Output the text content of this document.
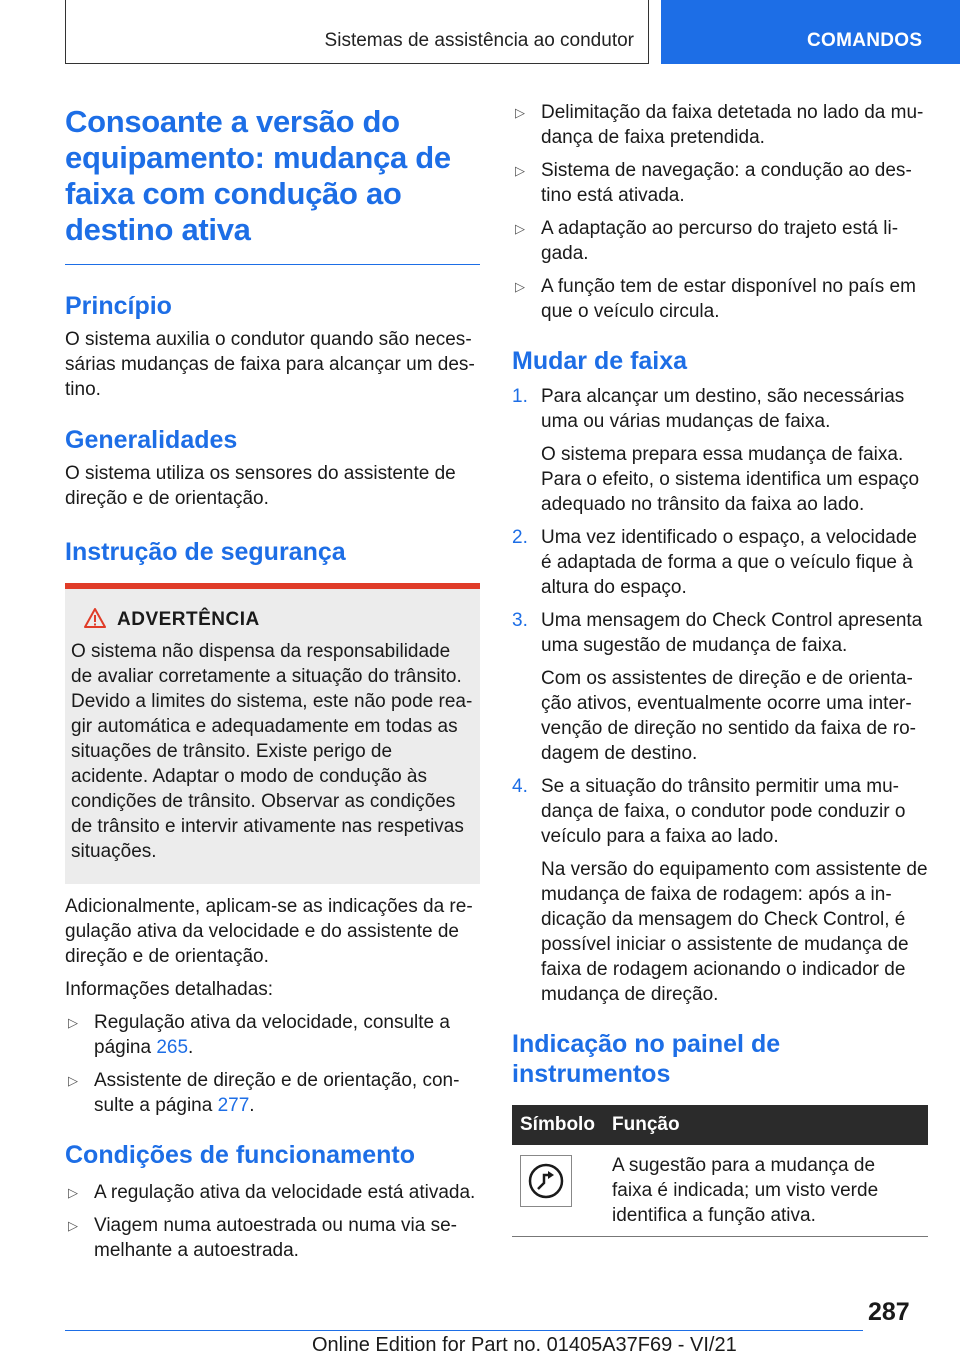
Sistemas de assistência ao condutor	COMANDOS
Consoante a versão do equipamento: mudança de faixa com condução ao destino ativa
Princípio

O sistema auxilia o condutor quando são necessárias mudanças de faixa para alcançar um destino.

Generalidades

O sistema utiliza os sensores do assistente de direção e de orientação.

Instrução de segurança
ADVERTÊNCIA

O sistema não dispensa da responsabilidade de avaliar corretamente a situação do trânsito. Devido a limites do sistema, este não pode reagir automática e adequadamente em todas as situações de trânsito. Existe perigo de acidente. Adaptar o modo de condução às condições de trânsito. Observar as condições de trânsito e intervir ativamente nas respetivas situações.

Adicionalmente, aplicam-se as indicações da regulação ativa da velocidade e do assistente de direção e de orientação.

Informações detalhadas:

▷ Regulação ativa da velocidade, consulte a página 265.
▷ Assistente de direção e de orientação, consulte a página 277.
Condições de funcionamento
▷ A regulação ativa da velocidade está ativada.
▷ Viagem numa autoestrada ou numa via semelhante a autoestrada.
▷ Delimitação da faixa detetada no lado da mudança de faixa pretendida.
▷ Sistema de navegação: a condução ao destino está ativada.
▷ A adaptação ao percurso do trajeto está ligada.
▷ A função tem de estar disponível no país em que o veículo circula.
Mudar de faixa
1. Para alcançar um destino, são necessárias uma ou várias mudanças de faixa.

O sistema prepara essa mudança de faixa. Para o efeito, o sistema identifica um espaço adequado no trânsito da faixa ao lado.

2. Uma vez identificado o espaço, a velocidade é adaptada de forma a que o veículo fique à altura do espaço.

3. Uma mensagem do Check Control apresenta uma sugestão de mudança de faixa.

Com os assistentes de direção e de orientação ativos, eventualmente ocorre uma intervenção de direção no sentido da faixa de rodagem de destino.

4. Se a situação do trânsito permitir uma mudança de faixa, o condutor pode conduzir o veículo para a faixa ao lado.

Na versão do equipamento com assistente de mudança de faixa de rodagem: após a indicação da mensagem do Check Control, é possível iniciar o assistente de mudança de faixa de rodagem acionando o indicador de mudança de direção.

Indicação no painel de instrumentos
Símbolo	Função

	A sugestão para a mudança de faixa é indicada; um visto verde identifica a função ativa.
287
Online Edition for Part no. 01405A37F69 - VI/21
